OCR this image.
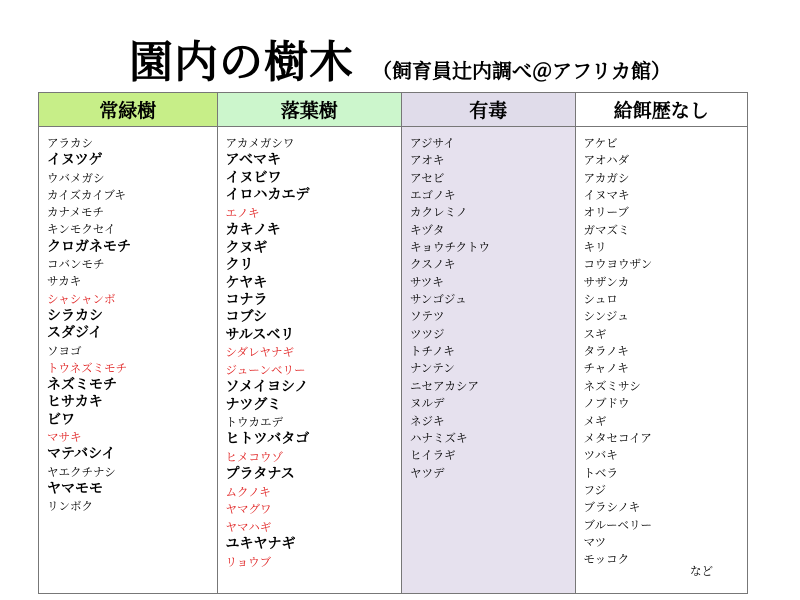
園内の樹木 （飼育員辻内調べ＠アフリカ館）
常緑樹
アラカシ
イヌツゲ
ウバメガシ
カイズカイブキ
カナメモチ
キンモクセイ
クロガネモチ
コバンモチ
サカキ
シャシャンボ
シラカシ
スダジイ
ソヨゴ
トウネズミモチ
ネズミモチ
ヒサカキ
ビワ
マサキ
マテバシイ
ヤエクチナシ
ヤマモモ
リンボク
落葉樹
アカメガシワ
アベマキ
イヌビワ
イロハカエデ
エノキ
カキノキ
クヌギ
クリ
ケヤキ
コナラ
コブシ
サルスベリ
シダレヤナギ
ジューンベリー
ソメイヨシノ
ナツグミ
トウカエデ
ヒトツバタゴ
ヒメコウゾ
プラタナス
ムクノキ
ヤマグワ
ヤマハギ
ユキヤナギ
リョウブ
有毒
アジサイ
アオキ
アセビ
エゴノキ
カクレミノ
キヅタ
キョウチクトウ
クスノキ
サツキ
サンゴジュ
ソテツ
ツツジ
トチノキ
ナンテン
ニセアカシア
ヌルデ
ネジキ
ハナミズキ
ヒイラギ
ヤツデ
給餌歴なし
アケビ
アオハダ
アカガシ
イヌマキ
オリーブ
ガマズミ
キリ
コウヨウザン
サザンカ
シュロ
シンジュ
スギ
タラノキ
チャノキ
ネズミサシ
ノブドウ
メギ
メタセコイア
ツバキ
トベラ
フジ
ブラシノキ
ブルーベリー
マツ
モッコク
など
